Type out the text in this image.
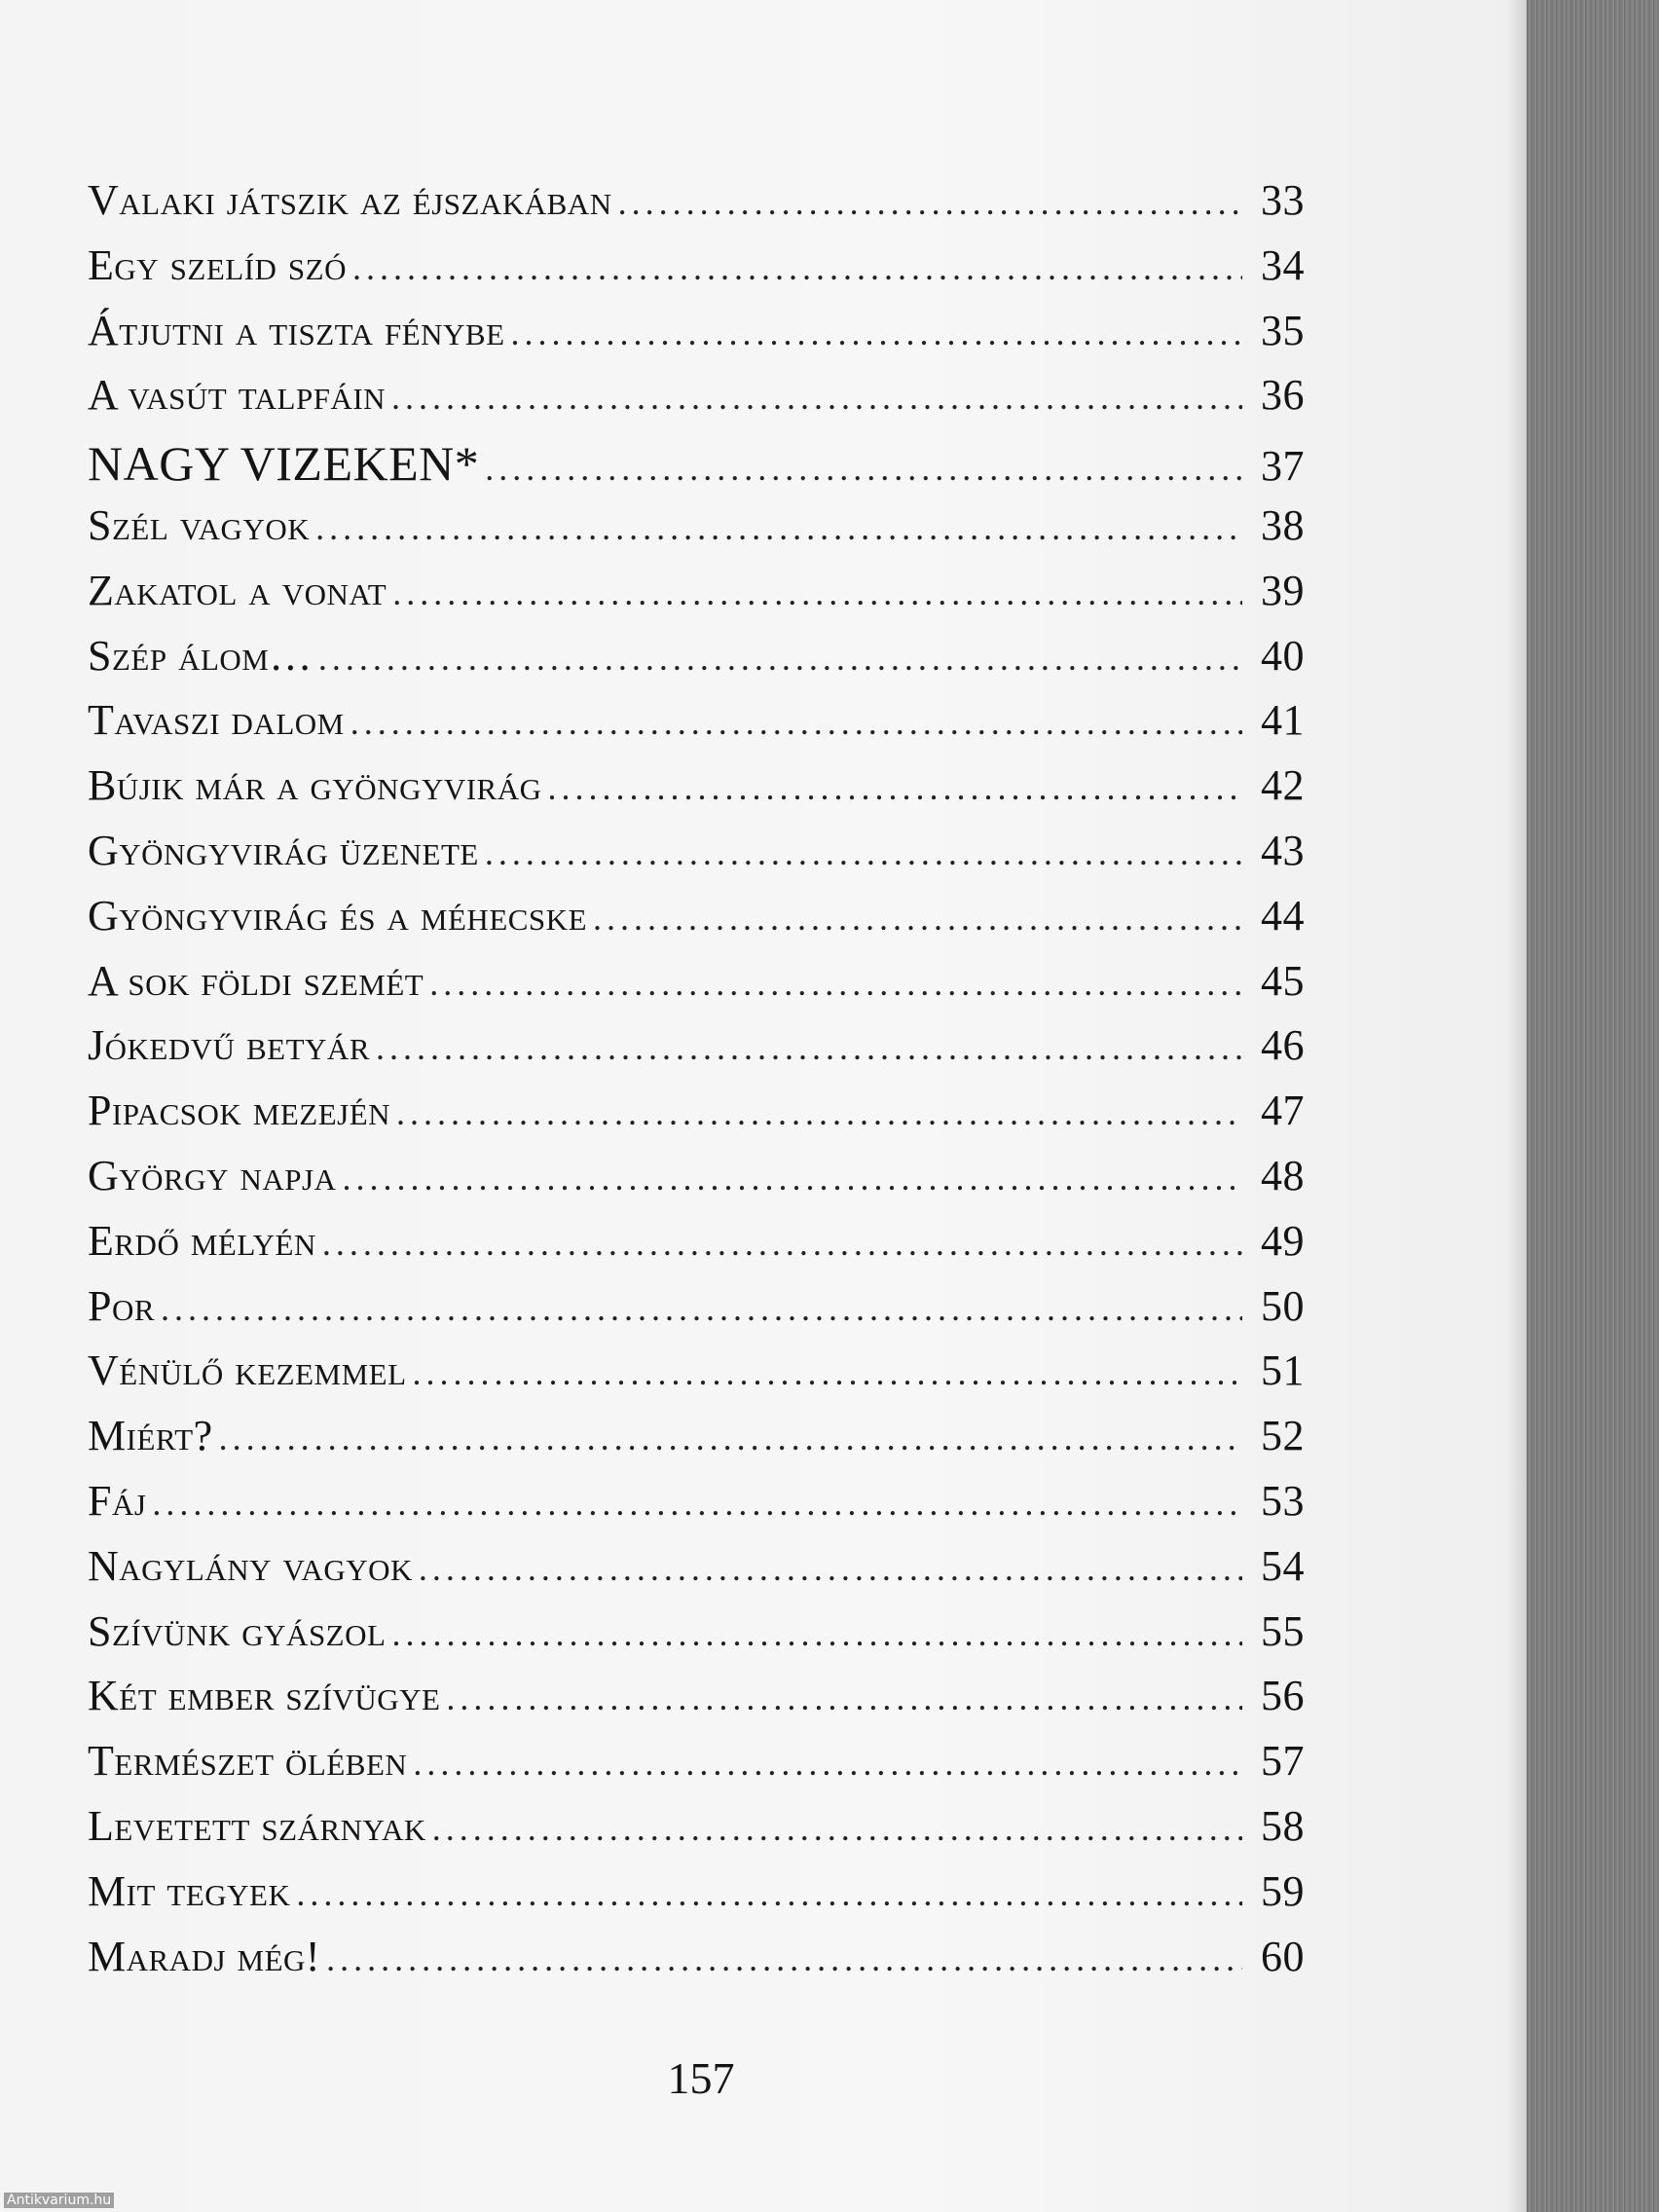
Valaki játszik az éjszakában .....	33
Egy szelíd szó .....	34
Átjutni a tiszta fénybe .....	35
A vasút talpfáin .....	36
NAGY VIZEKEN* .....	37
Szél vagyok .....	38
Zakatol a vonat .....	39
Szép álom… .....	40
Tavaszi dalom .....	41
Bújik már a gyöngyvirág .....	42
Gyöngyvirág üzenete .....	43
Gyöngyvirág és a méhecske .....	44
A sok földi szemét .....	45
Jókedvű betyár .....	46
Pipacsok mezején .....	47
György napja .....	48
Erdő mélyén .....	49
Por .....	50
Vénülő kezemmel .....	51
Miért? .....	52
Fáj .....	53
Nagylány vagyok .....	54
Szívünk gyászol .....	55
Két ember szívügye .....	56
Természet ölében .....	57
Levetett szárnyak .....	58
Mit tegyek .....	59
Maradj még! .....	60
157
Antikvarium.hu
